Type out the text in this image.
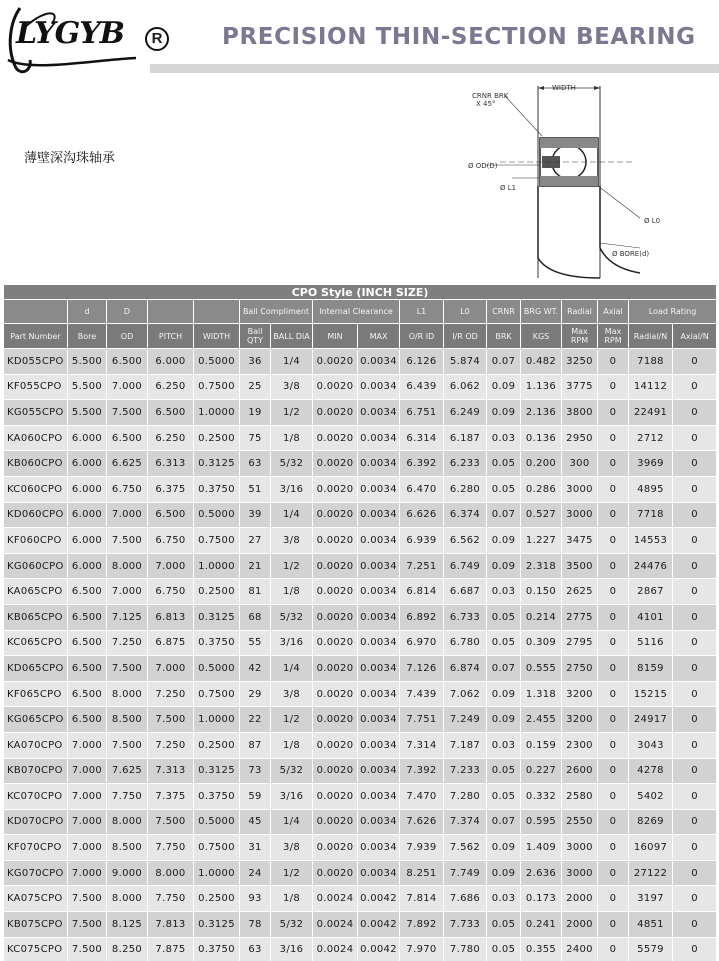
LYGYB	R	PRECISION THIN-SECTION BEARING
薄壁深沟珠轴承
WIDTH
CRNR BRK
X 45°
Ø OD(D)
Ø L1
Ø L0
Ø BORE(d)
CPO Style (INCH SIZE)																
	d	D			Ball Compliment		Internal Clearance		L1	L0	CRNR	BRG WT.	Radial	Axial	Load Rating	
Part Number	Bore	OD	PITCH	WIDTH	Ball QTY	BALL DIA	MIN	MAX	O/R ID	I/R OD	BRK	KGS	Max RPM	Max RPM	Radial/N	Axial/N
KD055CPO	5.500	6.500	6.000	0.5000	36	1/4	0.0020	0.0034	6.126	5.874	0.07	0.482	3250	0	7188	0
KF055CPO	5.500	7.000	6.250	0.7500	25	3/8	0.0020	0.0034	6.439	6.062	0.09	1.136	3775	0	14112	0
KG055CPO	5.500	7.500	6.500	1.0000	19	1/2	0.0020	0.0034	6.751	6.249	0.09	2.136	3800	0	22491	0
KA060CPO	6.000	6.500	6.250	0.2500	75	1/8	0.0020	0.0034	6.314	6.187	0.03	0.136	2950	0	2712	0
KB060CPO	6.000	6.625	6.313	0.3125	63	5/32	0.0020	0.0034	6.392	6.233	0.05	0.200	300	0	3969	0
KC060CPO	6.000	6.750	6.375	0.3750	51	3/16	0.0020	0.0034	6.470	6.280	0.05	0.286	3000	0	4895	0
KD060CPO	6.000	7.000	6.500	0.5000	39	1/4	0.0020	0.0034	6.626	6.374	0.07	0.527	3000	0	7718	0
KF060CPO	6.000	7.500	6.750	0.7500	27	3/8	0.0020	0.0034	6.939	6.562	0.09	1.227	3475	0	14553	0
KG060CPO	6.000	8.000	7.000	1.0000	21	1/2	0.0020	0.0034	7.251	6.749	0.09	2.318	3500	0	24476	0
KA065CPO	6.500	7.000	6.750	0.2500	81	1/8	0.0020	0.0034	6.814	6.687	0.03	0.150	2625	0	2867	0
KB065CPO	6.500	7.125	6.813	0.3125	68	5/32	0.0020	0.0034	6.892	6.733	0.05	0.214	2775	0	4101	0
KC065CPO	6.500	7.250	6.875	0.3750	55	3/16	0.0020	0.0034	6.970	6.780	0.05	0.309	2795	0	5116	0
KD065CPO	6.500	7.500	7.000	0.5000	42	1/4	0.0020	0.0034	7.126	6.874	0.07	0.555	2750	0	8159	0
KF065CPO	6.500	8.000	7.250	0.7500	29	3/8	0.0020	0.0034	7.439	7.062	0.09	1.318	3200	0	15215	0
KG065CPO	6.500	8.500	7.500	1.0000	22	1/2	0.0020	0.0034	7.751	7.249	0.09	2.455	3200	0	24917	0
KA070CPO	7.000	7.500	7.250	0.2500	87	1/8	0.0020	0.0034	7.314	7.187	0.03	0.159	2300	0	3043	0
KB070CPO	7.000	7.625	7.313	0.3125	73	5/32	0.0020	0.0034	7.392	7.233	0.05	0.227	2600	0	4278	0
KC070CPO	7.000	7.750	7.375	0.3750	59	3/16	0.0020	0.0034	7.470	7.280	0.05	0.332	2580	0	5402	0
KD070CPO	7.000	8.000	7.500	0.5000	45	1/4	0.0020	0.0034	7.626	7.374	0.07	0.595	2550	0	8269	0
KF070CPO	7.000	8.500	7.750	0.7500	31	3/8	0.0020	0.0034	7.939	7.562	0.09	1.409	3000	0	16097	0
KG070CPO	7.000	9.000	8.000	1.0000	24	1/2	0.0020	0.0034	8.251	7.749	0.09	2.636	3000	0	27122	0
KA075CPO	7.500	8.000	7.750	0.2500	93	1/8	0.0024	0.0042	7.814	7.686	0.03	0.173	2000	0	3197	0
KB075CPO	7.500	8.125	7.813	0.3125	78	5/32	0.0024	0.0042	7.892	7.733	0.05	0.241	2000	0	4851	0
KC075CPO	7.500	8.250	7.875	0.3750	63	3/16	0.0024	0.0042	7.970	7.780	0.05	0.355	2400	0	5579	0
